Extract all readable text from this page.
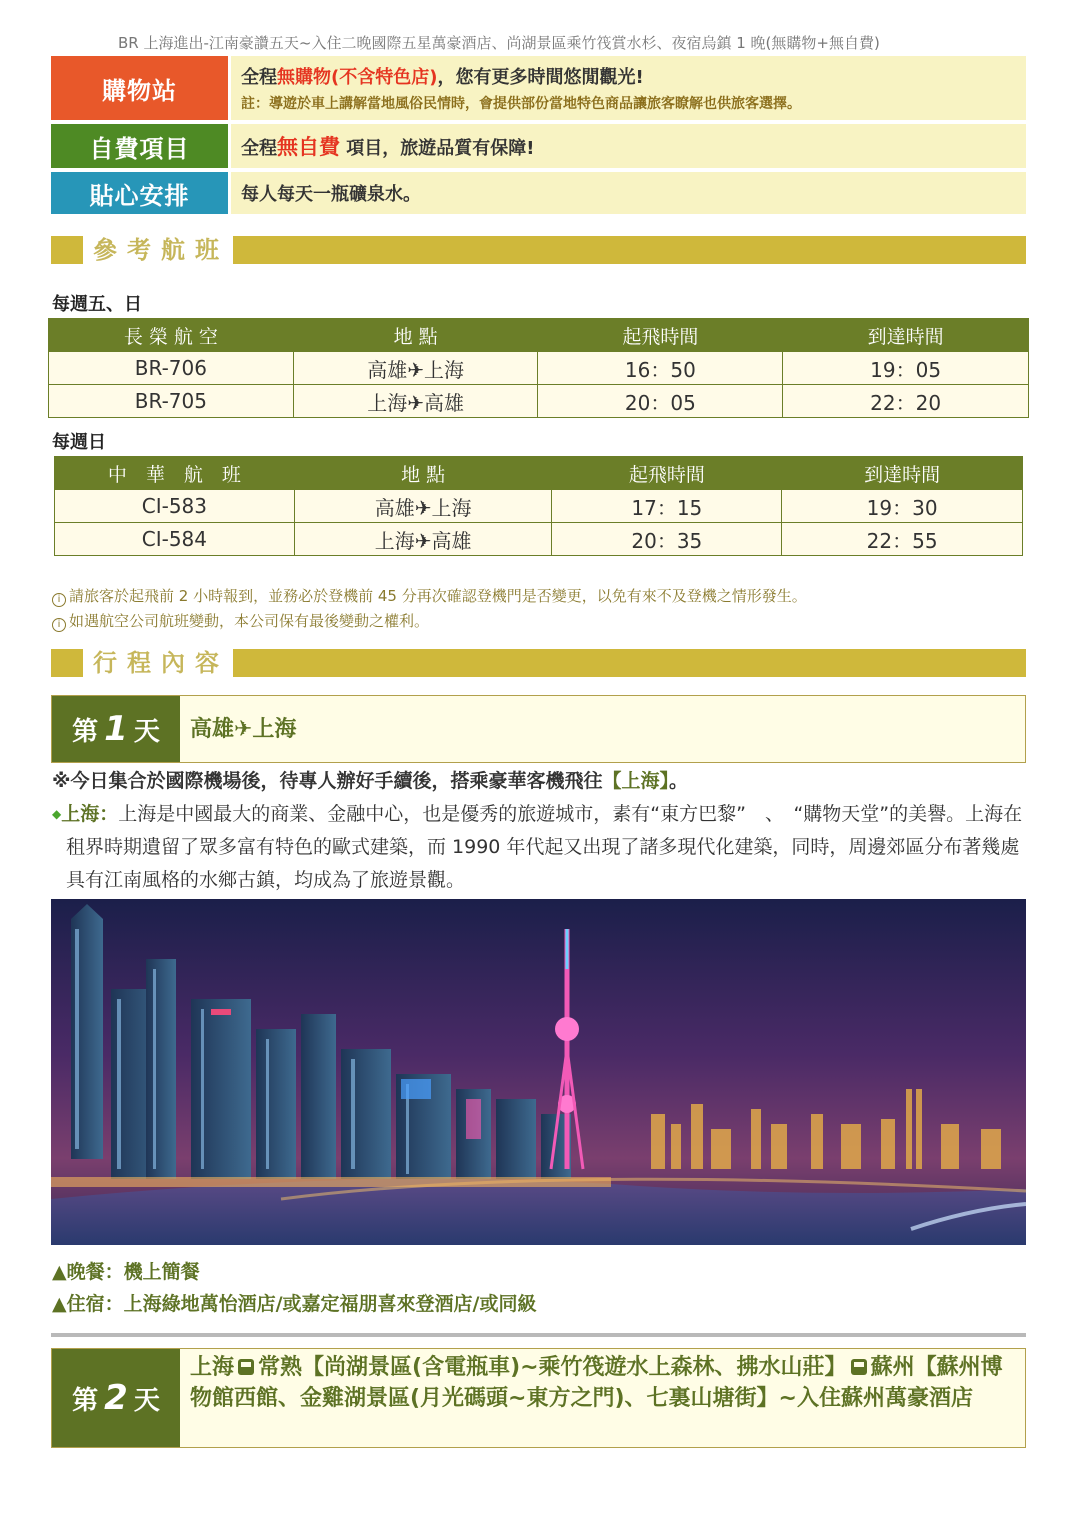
BR 上海進出-江南豪讚五天~入住二晚國際五星萬豪酒店、尚湖景區乘竹筏賞水杉、夜宿烏鎮 1 晚(無購物+無自費)
購物站	全程無購物(不含特色店)，您有更多時間悠閒觀光!
註：導遊於車上講解當地風俗民情時，會提供部份當地特色商品讓旅客瞭解也供旅客選擇。
自費項目	全程無自費 項目，旅遊品質有保障!
貼心安排	每人每天一瓶礦泉水。
參考航班
每週五、日
長 榮 航 空	地 點	起飛時間	到達時間
BR-706	高雄✈上海	16：50	19：05
BR-705	上海✈高雄	20：05	22：20
每週日
中　華　航　班	地 點	起飛時間	到達時間
CI-583	高雄✈上海	17：15	19：30
CI-584	上海✈高雄	20：35	22：55
i 請旅客於起飛前 2 小時報到，並務必於登機前 45 分再次確認登機門是否變更，以免有來不及登機之情形發生。
i 如遇航空公司航班變動，本公司保有最後變動之權利。
行程內容
第 1 天	高雄✈上海
※今日集合於國際機場後，待專人辦好手續後，搭乘豪華客機飛往【上海】。
◆上海：上海是中國最大的商業、金融中心，也是優秀的旅遊城市，素有“東方巴黎”　、　“購物天堂”的美譽。上海在租界時期遺留了眾多富有特色的歐式建築，而 1990 年代起又出現了諸多現代化建築，同時，周邊郊區分布著幾處具有江南風格的水鄉古鎮，均成為了旅遊景觀。
▲晚餐：機上簡餐
▲住宿：上海綠地萬怡酒店/或嘉定福朋喜來登酒店/或同級
第 2 天
上海 常熟【尚湖景區(含電瓶車)~乘竹筏遊水上森林、拂水山莊】 蘇州【蘇州博物館西館、金雞湖景區(月光碼頭~東方之門)、七裏山塘街】~入住蘇州萬豪酒店
